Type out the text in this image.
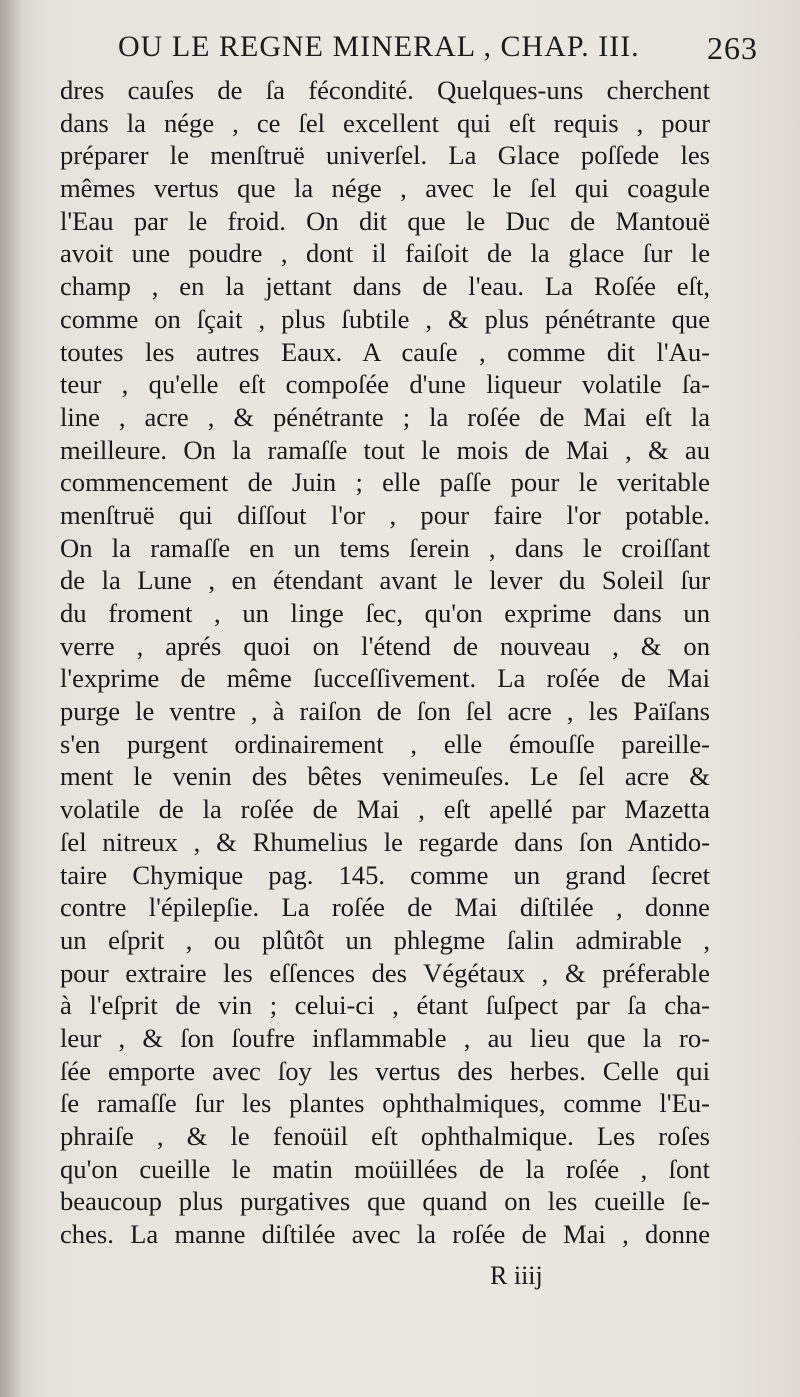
OU LE REGNE MINERAL , CHAP. III. 263
dres cauſes de ſa fécondité. Quelques-uns cherchent
dans la nége , ce ſel excellent qui eſt requis , pour
préparer le menſtruë univerſel. La Glace poſſede les
mêmes vertus que la nége , avec le ſel qui coagule
l'Eau par le froid. On dit que le Duc de Mantouë
avoit une poudre , dont il faiſoit de la glace ſur le
champ , en la jettant dans de l'eau. La Roſée eſt,
comme on ſçait , plus ſubtile , & plus pénétrante que
toutes les autres Eaux. A cauſe , comme dit l'Au-
teur , qu'elle eſt compoſée d'une liqueur volatile ſa-
line , acre , & pénétrante ; la roſée de Mai eſt la
meilleure. On la ramaſſe tout le mois de Mai , & au
commencement de Juin ; elle paſſe pour le veritable
menſtruë qui diſſout l'or , pour faire l'or potable.
On la ramaſſe en un tems ſerein , dans le croiſſant
de la Lune , en étendant avant le lever du Soleil ſur
du froment , un linge ſec, qu'on exprime dans un
verre , aprés quoi on l'étend de nouveau , & on
l'exprime de même ſucceſſivement. La roſée de Mai
purge le ventre , à raiſon de ſon ſel acre , les Païſans
s'en purgent ordinairement , elle émouſſe pareille-
ment le venin des bêtes venimeuſes. Le ſel acre &
volatile de la roſée de Mai , eſt apellé par Mazetta
ſel nitreux , & Rhumelius le regarde dans ſon Antido-
taire Chymique pag. 145. comme un grand ſecret
contre l'épilepſie. La roſée de Mai diſtilée , donne
un eſprit , ou plûtôt un phlegme ſalin admirable ,
pour extraire les eſſences des Végétaux , & préferable
à l'eſprit de vin ; celui-ci , étant ſuſpect par ſa cha-
leur , & ſon ſoufre inflammable , au lieu que la ro-
ſée emporte avec ſoy les vertus des herbes. Celle qui
ſe ramaſſe ſur les plantes ophthalmiques, comme l'Eu-
phraiſe , & le fenoüil eſt ophthalmique. Les roſes
qu'on cueille le matin moüillées de la roſée , ſont
beaucoup plus purgatives que quand on les cueille ſe-
ches. La manne diſtilée avec la roſée de Mai , donne
R iiij
